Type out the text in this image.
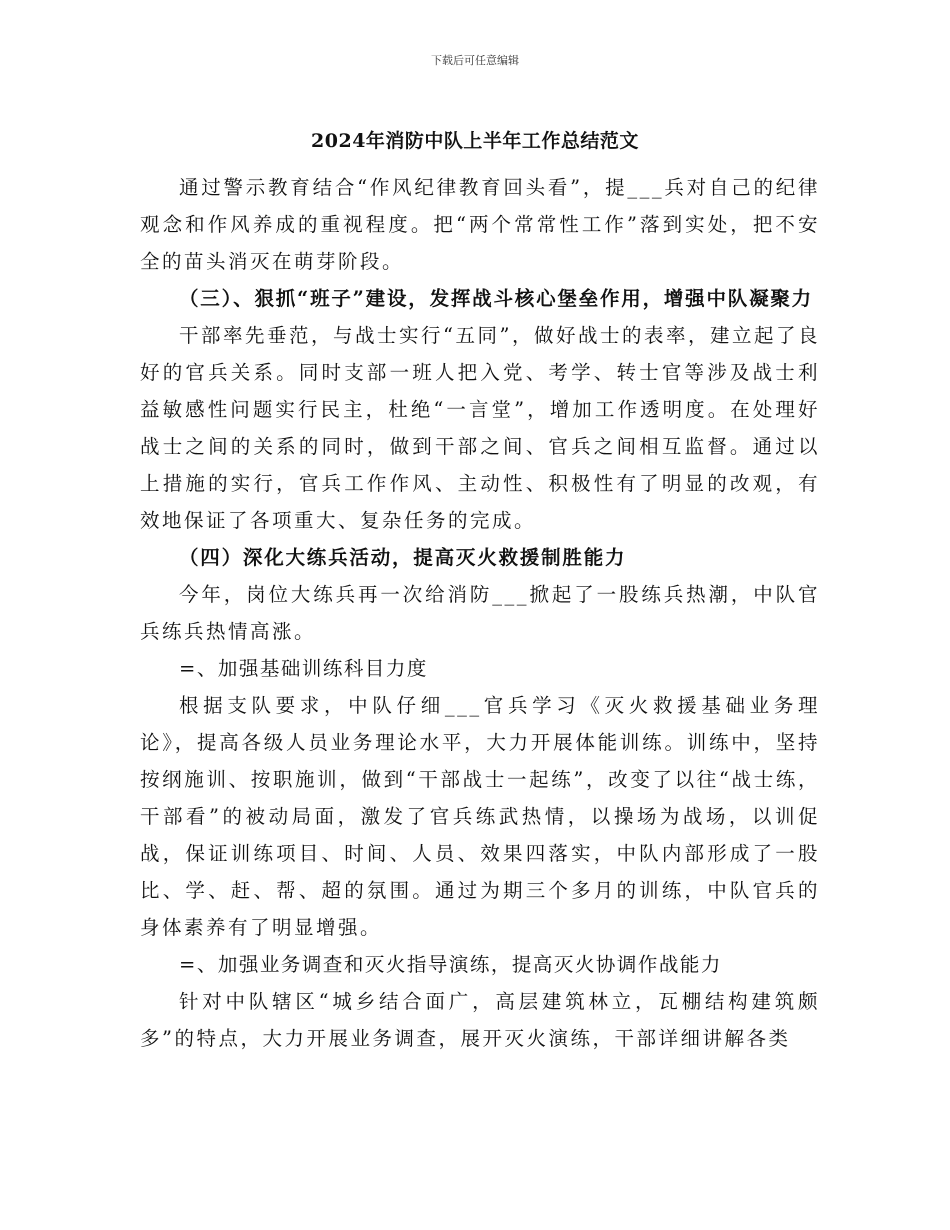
下载后可任意编辑
2024年消防中队上半年工作总结范文

通过警示教育结合“作风纪律教育回头看”，提___兵对自己的纪律观念和作风养成的重视程度。把“两个常常性工作”落到实处，把不安全的苗头消灭在萌芽阶段。

（三）、狠抓“班子”建设，发挥战斗核心堡垒作用，增强中队凝聚力

干部率先垂范，与战士实行“五同”，做好战士的表率，建立起了良好的官兵关系。同时支部一班人把入党、考学、转士官等涉及战士利益敏感性问题实行民主，杜绝“一言堂”，增加工作透明度。在处理好战士之间的关系的同时，做到干部之间、官兵之间相互监督。通过以上措施的实行，官兵工作作风、主动性、积极性有了明显的改观，有效地保证了各项重大、复杂任务的完成。

（四）深化大练兵活动，提高灭火救援制胜能力

今年，岗位大练兵再一次给消防___掀起了一股练兵热潮，中队官兵练兵热情高涨。

=、加强基础训练科目力度

根据支队要求，中队仔细___官兵学习《灭火救援基础业务理论》，提高各级人员业务理论水平，大力开展体能训练。训练中，坚持按纲施训、按职施训，做到“干部战士一起练”，改变了以往“战士练，干部看”的被动局面，激发了官兵练武热情，以操场为战场，以训促战，保证训练项目、时间、人员、效果四落实，中队内部形成了一股比、学、赶、帮、超的氛围。通过为期三个多月的训练，中队官兵的身体素养有了明显增强。

=、加强业务调查和灭火指导演练，提高灭火协调作战能力

针对中队辖区“城乡结合面广，高层建筑林立，瓦棚结构建筑颇多”的特点，大力开展业务调查，展开灭火演练，干部详细讲解各类
